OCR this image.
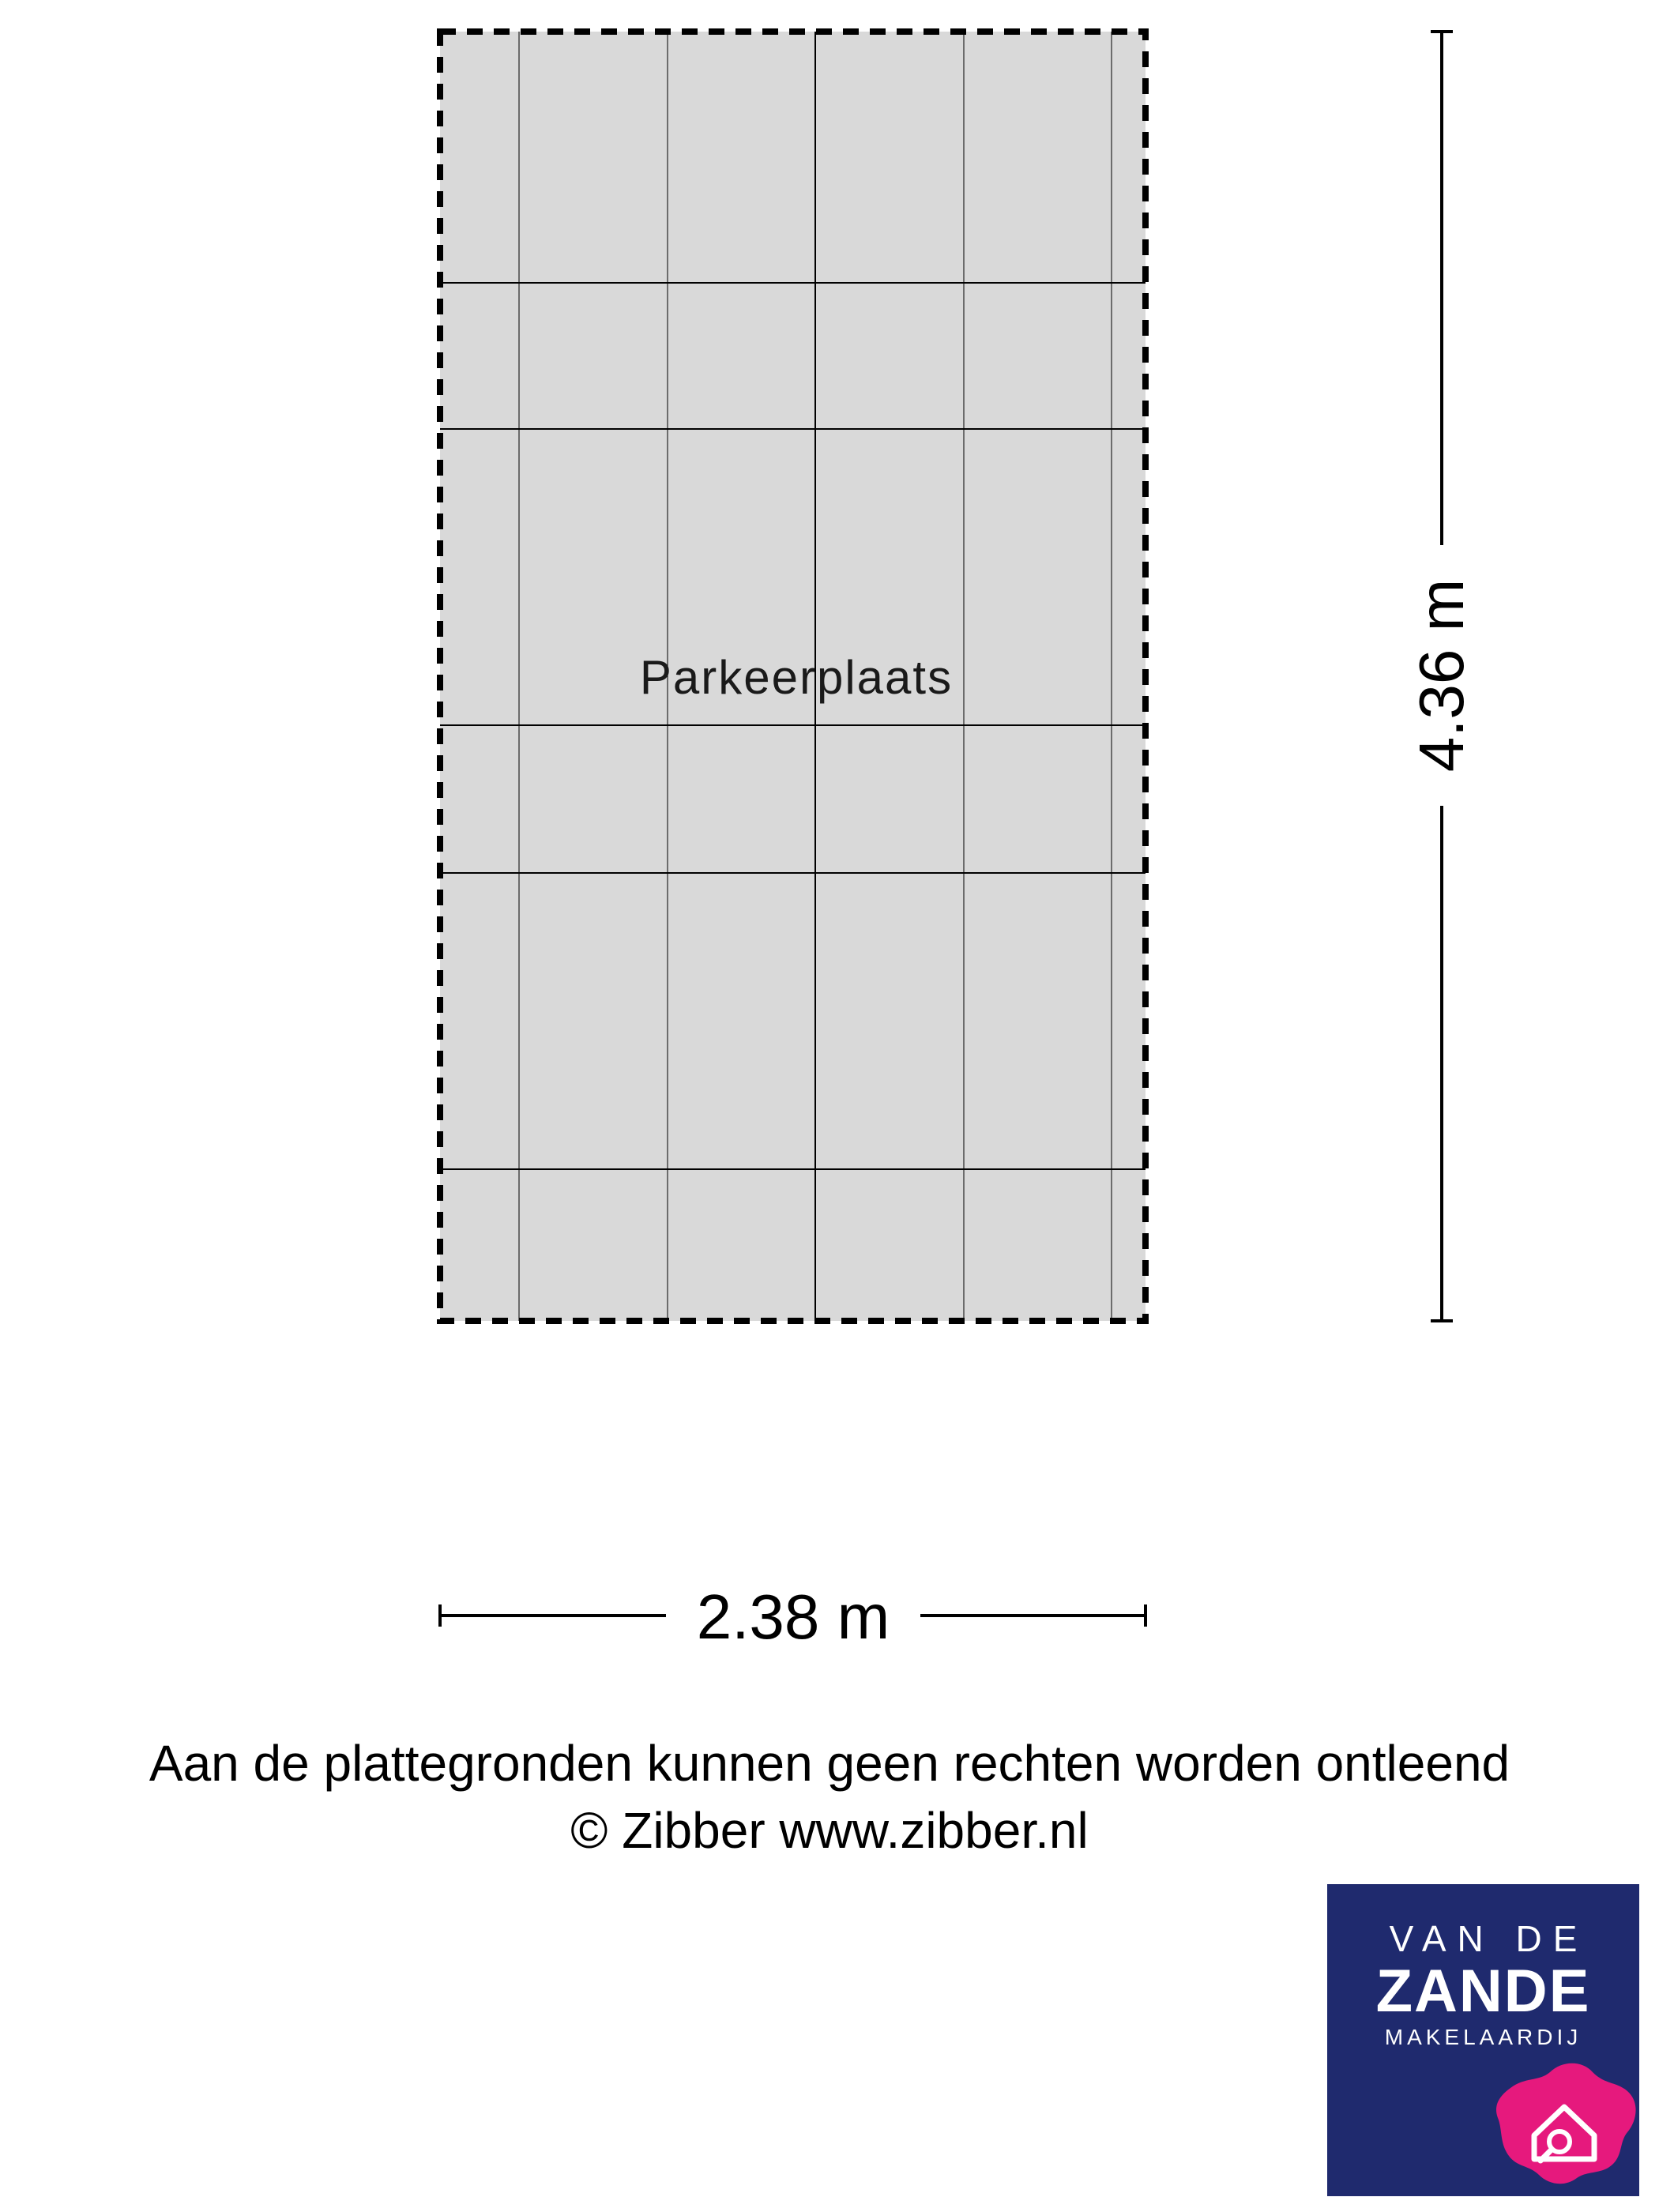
Parkeerplaats	4.36 m
2.38 m
Aan de plattegronden kunnen geen rechten worden ontleend
© Zibber www.zibber.nl
VAN DE
ZANDE
MAKELAARDIJ
